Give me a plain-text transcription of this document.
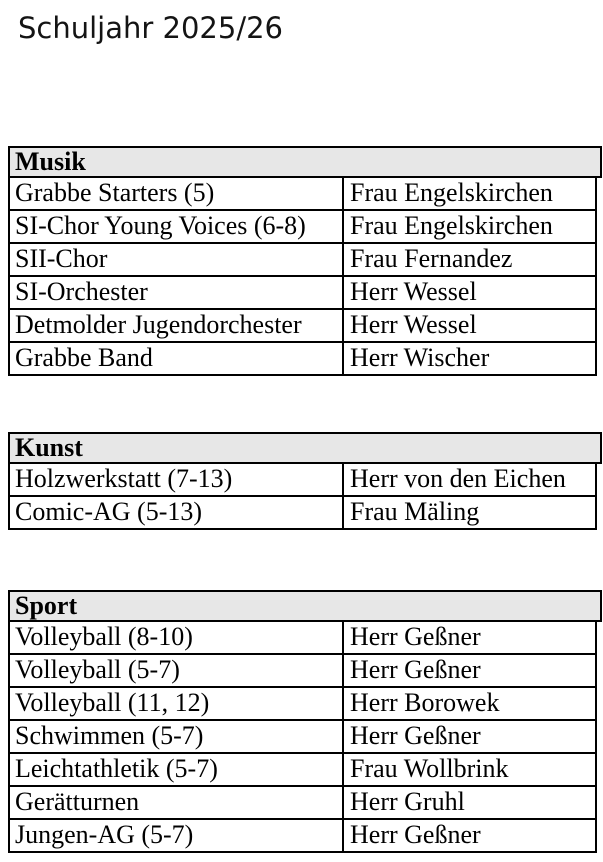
Schuljahr 2025/26
Musik
Grabbe Starters (5)	Frau Engelskirchen
SI-Chor Young Voices (6-8)	Frau Engelskirchen
SII-Chor	Frau Fernandez
SI-Orchester	Herr Wessel
Detmolder Jugendorchester	Herr Wessel
Grabbe Band	Herr Wischer
Kunst
Holzwerkstatt (7-13)	Herr von den Eichen
Comic-AG (5-13)	Frau Mäling
Sport
Volleyball (8-10)	Herr Geßner
Volleyball (5-7)	Herr Geßner
Volleyball (11, 12)	Herr Borowek
Schwimmen (5-7)	Herr Geßner
Leichtathletik (5-7)	Frau Wollbrink
Gerätturnen	Herr Gruhl
Jungen-AG (5-7)	Herr Geßner
